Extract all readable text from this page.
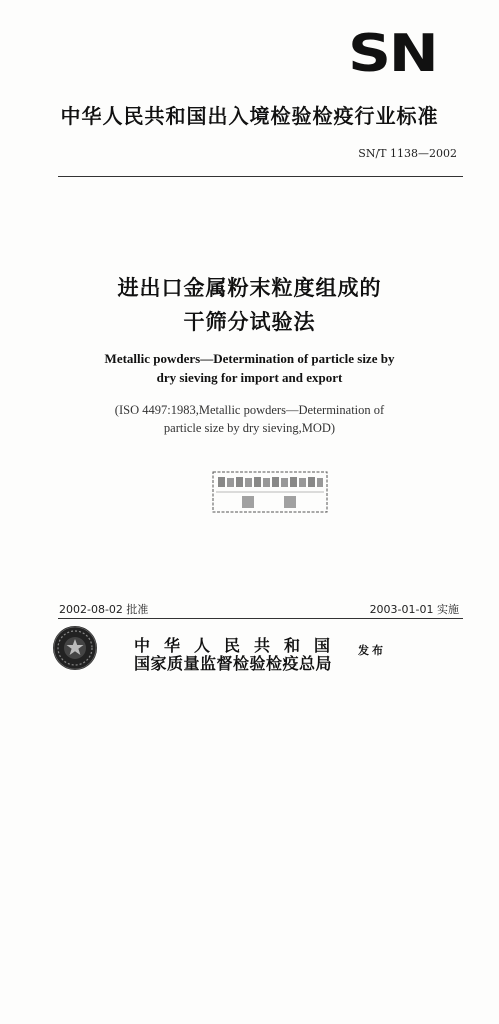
SN
中华人民共和国出入境检验检疫行业标准
SN/T 1138—2002
进出口金属粉末粒度组成的
干筛分试验法
Metallic powders—Determination of particle size by
dry sieving for import and export
(ISO 4497:1983,Metallic powders—Determination of
particle size by dry sieving,MOD)
2002-08-02 批准	2003-01-01 实施
中华人民共和国
国家质量监督检验检疫总局
发布
